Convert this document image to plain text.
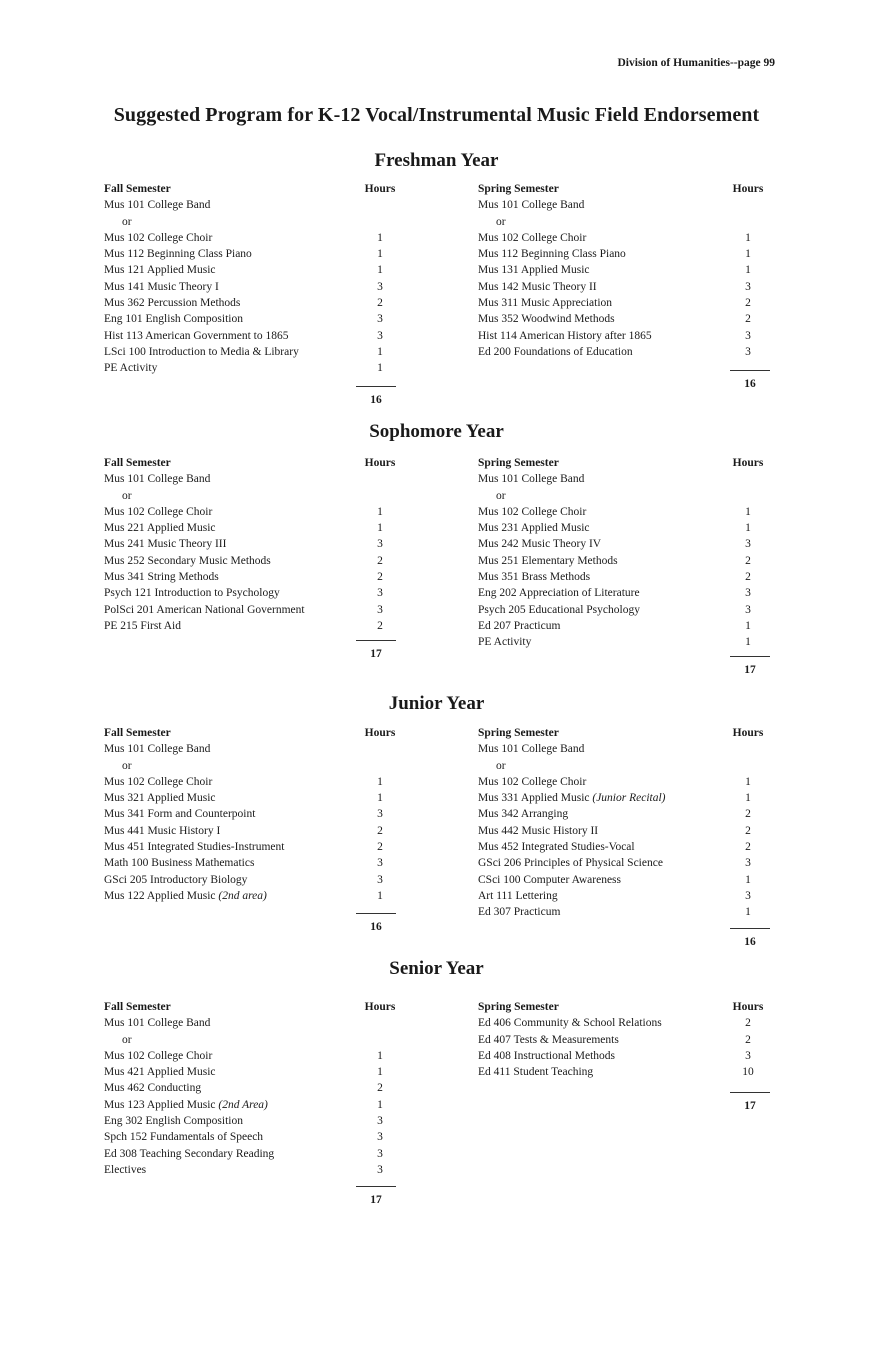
Division of Humanities--page 99
Suggested Program for K-12 Vocal/Instrumental Music Field Endorsement
Freshman Year
Fall Semester	Hours
Mus 101 College Band
or
Mus 102 College Choir	1
Mus 112 Beginning Class Piano	1
Mus 121 Applied Music	1
Mus 141 Music Theory I	3
Mus 362 Percussion Methods	2
Eng 101 English Composition	3
Hist 113 American Government to 1865	3
LSci 100 Introduction to Media & Library	1
PE Activity	1
16
Spring Semester	Hours
Mus 101 College Band
or
Mus 102 College Choir	1
Mus 112 Beginning Class Piano	1
Mus 131 Applied Music	1
Mus 142 Music Theory II	3
Mus 311 Music Appreciation	2
Mus 352 Woodwind Methods	2
Hist 114 American History after 1865	3
Ed 200 Foundations of Education	3
16
Sophomore Year
Fall Semester	Hours
Mus 101 College Band
or
Mus 102 College Choir	1
Mus 221 Applied Music	1
Mus 241 Music Theory III	3
Mus 252 Secondary Music Methods	2
Mus 341 String Methods	2
Psych 121 Introduction to Psychology	3
PolSci 201 American National Government	3
PE 215 First Aid	2
17
Spring Semester	Hours
Mus 101 College Band
or
Mus 102 College Choir	1
Mus 231 Applied Music	1
Mus 242 Music Theory IV	3
Mus 251 Elementary Methods	2
Mus 351 Brass Methods	2
Eng 202 Appreciation of Literature	3
Psych 205 Educational Psychology	3
Ed 207 Practicum	1
PE Activity	1
17
Junior Year
Fall Semester	Hours
Mus 101 College Band
or
Mus 102 College Choir	1
Mus 321 Applied Music	1
Mus 341 Form and Counterpoint	3
Mus 441 Music History I	2
Mus 451 Integrated Studies-Instrument	2
Math 100 Business Mathematics	3
GSci 205 Introductory Biology	3
Mus 122 Applied Music (2nd area)	1
16
Spring Semester	Hours
Mus 101 College Band
or
Mus 102 College Choir	1
Mus 331 Applied Music (Junior Recital)	1
Mus 342 Arranging	2
Mus 442 Music History II	2
Mus 452 Integrated Studies-Vocal	2
GSci 206 Principles of Physical Science	3
CSci 100 Computer Awareness	1
Art 111 Lettering	3
Ed 307 Practicum	1
16
Senior Year
Fall Semester	Hours
Mus 101 College Band
or
Mus 102 College Choir	1
Mus 421 Applied Music	1
Mus 462 Conducting	2
Mus 123 Applied Music (2nd Area)	1
Eng 302 English Composition	3
Spch 152 Fundamentals of Speech	3
Ed 308 Teaching Secondary Reading	3
Electives	3
17
Spring Semester	Hours
Ed 406 Community & School Relations	2
Ed 407 Tests & Measurements	2
Ed 408 Instructional Methods	3
Ed 411 Student Teaching	10
17
